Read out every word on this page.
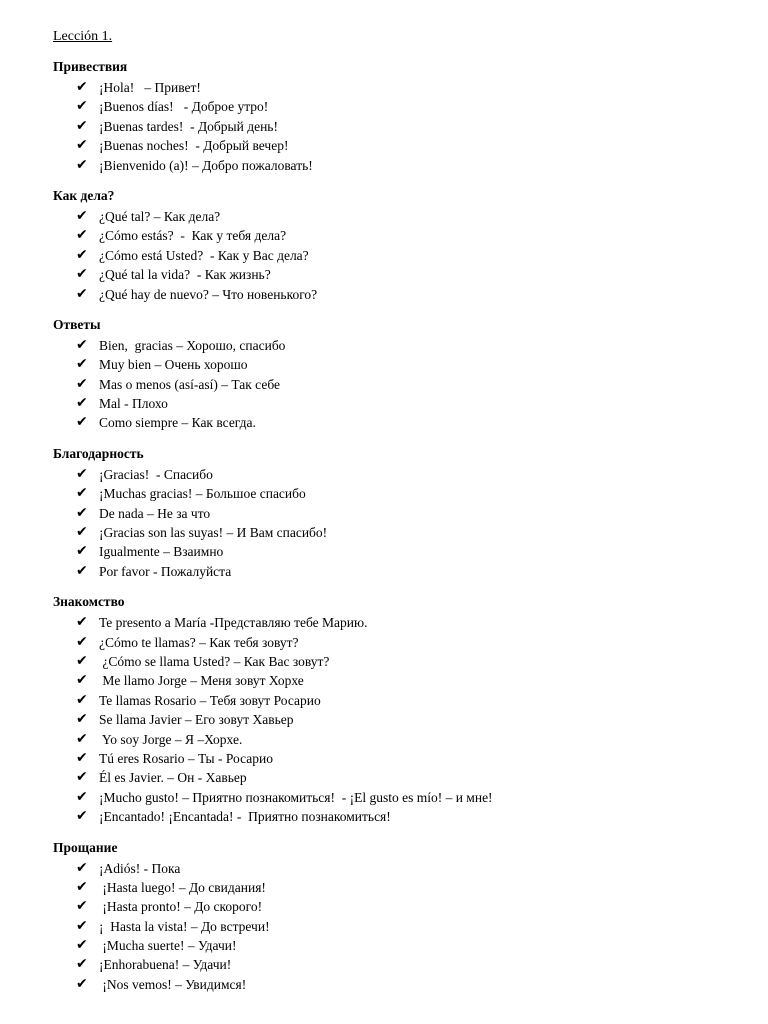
Lección 1.
Привествия
✔ ¡Hola!   – Привет!
✔ ¡Buenos días!   - Доброе утро!
✔ ¡Buenas tardes!  - Добрый день!
✔ ¡Buenas noches!  - Добрый вечер!
✔ ¡Bienvenido (a)! – Добро пожаловать!
Как дела?
✔ ¿Qué tal? – Как дела?
✔ ¿Cómo estás?  -  Как у тебя дела?
✔ ¿Cómo está Usted?  - Как у Вас дела?
✔ ¿Qué tal la vida?  - Как жизнь?
✔ ¿Qué hay de nuevo? – Что новенького?
Ответы
✔ Bien,  gracias – Хорошо, спасибо
✔ Muy bien – Очень хорошо
✔ Mas o menos (así-así) – Так себе
✔ Mal - Плохо
✔ Como siempre – Как всегда.
Благодарность
✔ ¡Gracias!  - Спасибо
✔ ¡Muchas gracias! – Большое спасибо
✔ De nada – Не за что
✔ ¡Gracias son las suyas! – И Вам спасибо!
✔ Igualmente – Взаимно
✔ Por favor - Пожалуйста
Знакомство
✔ Te presento a María -Представляю тебе Марию.
✔ ¿Cómo te llamas? – Как тебя зовут?
✔ ¿Cómo se llama Usted? – Как Вас зовут?
✔ Me llamo Jorge – Меня зовут Хорхе
✔ Te llamas Rosario – Тебя зовут Росарио
✔ Se llama Javier – Его зовут Хавьер
✔ Yo soy Jorge – Я –Хорхе.
✔ Tú eres Rosario – Ты - Росарио
✔ Él es Javier. – Он - Хавьер
✔ ¡Mucho gusto! – Приятно познакомиться!  - ¡El gusto es mío! – и мне!
✔ ¡Encantado! ¡Encantada! -  Приятно познакомиться!
Прощание
✔ ¡Adiós! - Пока
✔ ¡Hasta luego! – До свидания!
✔ ¡Hasta pronto! – До скорого!
✔ ¡  Hasta la vista! – До встречи!
✔ ¡Mucha suerte! – Удачи!
✔ ¡Enhorabuena! – Удачи!
✔ ¡Nos vemos! – Увидимся!
